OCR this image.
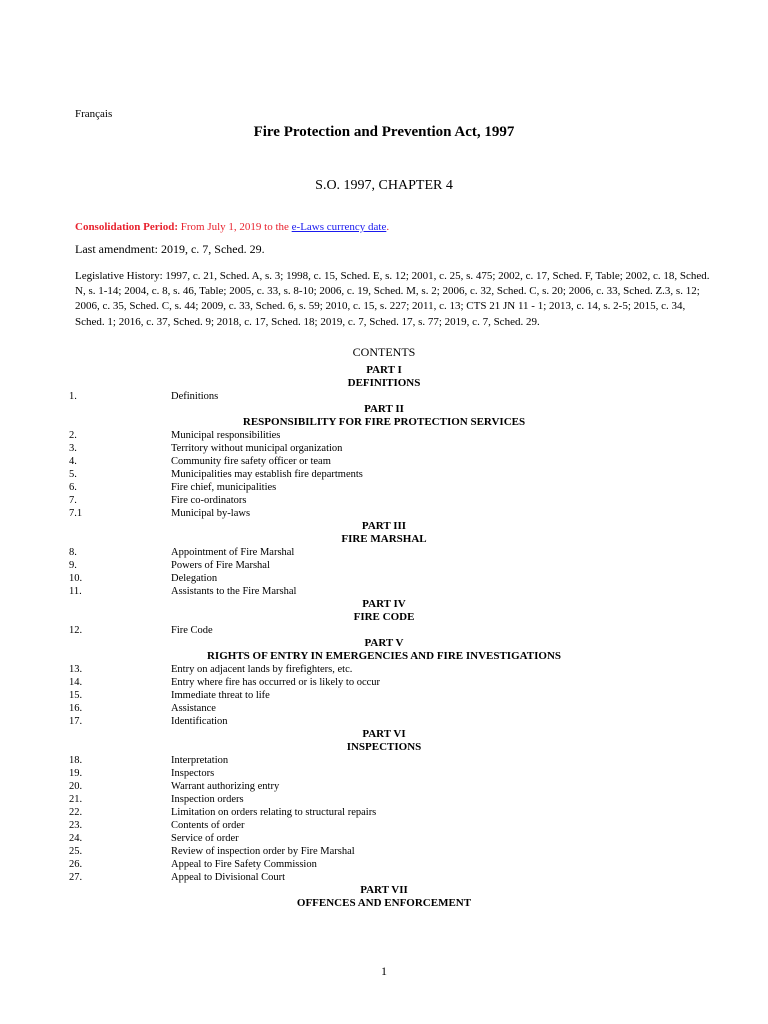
Français
Fire Protection and Prevention Act, 1997
S.O. 1997, CHAPTER 4
Consolidation Period: From July 1, 2019 to the e-Laws currency date.
Last amendment: 2019, c. 7, Sched. 29.
Legislative History: 1997, c. 21, Sched. A, s. 3; 1998, c. 15, Sched. E, s. 12; 2001, c. 25, s. 475; 2002, c. 17, Sched. F, Table; 2002, c. 18, Sched. N, s. 1-14; 2004, c. 8, s. 46, Table; 2005, c. 33, s. 8-10; 2006, c. 19, Sched. M, s. 2; 2006, c. 32, Sched. C, s. 20; 2006, c. 33, Sched. Z.3, s. 12; 2006, c. 35, Sched. C, s. 44; 2009, c. 33, Sched. 6, s. 59; 2010, c. 15, s. 227; 2011, c. 13; CTS 21 JN 11 - 1; 2013, c. 14, s. 2-5; 2015, c. 34, Sched. 1; 2016, c. 37, Sched. 9; 2018, c. 17, Sched. 18; 2019, c. 7, Sched. 17, s. 77; 2019, c. 7, Sched. 29.
CONTENTS
PART I
DEFINITIONS
1.	Definitions
PART II
RESPONSIBILITY FOR FIRE PROTECTION SERVICES
2.	Municipal responsibilities
3.	Territory without municipal organization
4.	Community fire safety officer or team
5.	Municipalities may establish fire departments
6.	Fire chief, municipalities
7.	Fire co-ordinators
7.1	Municipal by-laws
PART III
FIRE MARSHAL
8.	Appointment of Fire Marshal
9.	Powers of Fire Marshal
10.	Delegation
11.	Assistants to the Fire Marshal
PART IV
FIRE CODE
12.	Fire Code
PART V
RIGHTS OF ENTRY IN EMERGENCIES AND FIRE INVESTIGATIONS
13.	Entry on adjacent lands by firefighters, etc.
14.	Entry where fire has occurred or is likely to occur
15.	Immediate threat to life
16.	Assistance
17.	Identification
PART VI
INSPECTIONS
18.	Interpretation
19.	Inspectors
20.	Warrant authorizing entry
21.	Inspection orders
22.	Limitation on orders relating to structural repairs
23.	Contents of order
24.	Service of order
25.	Review of inspection order by Fire Marshal
26.	Appeal to Fire Safety Commission
27.	Appeal to Divisional Court
PART VII
OFFENCES AND ENFORCEMENT
1
